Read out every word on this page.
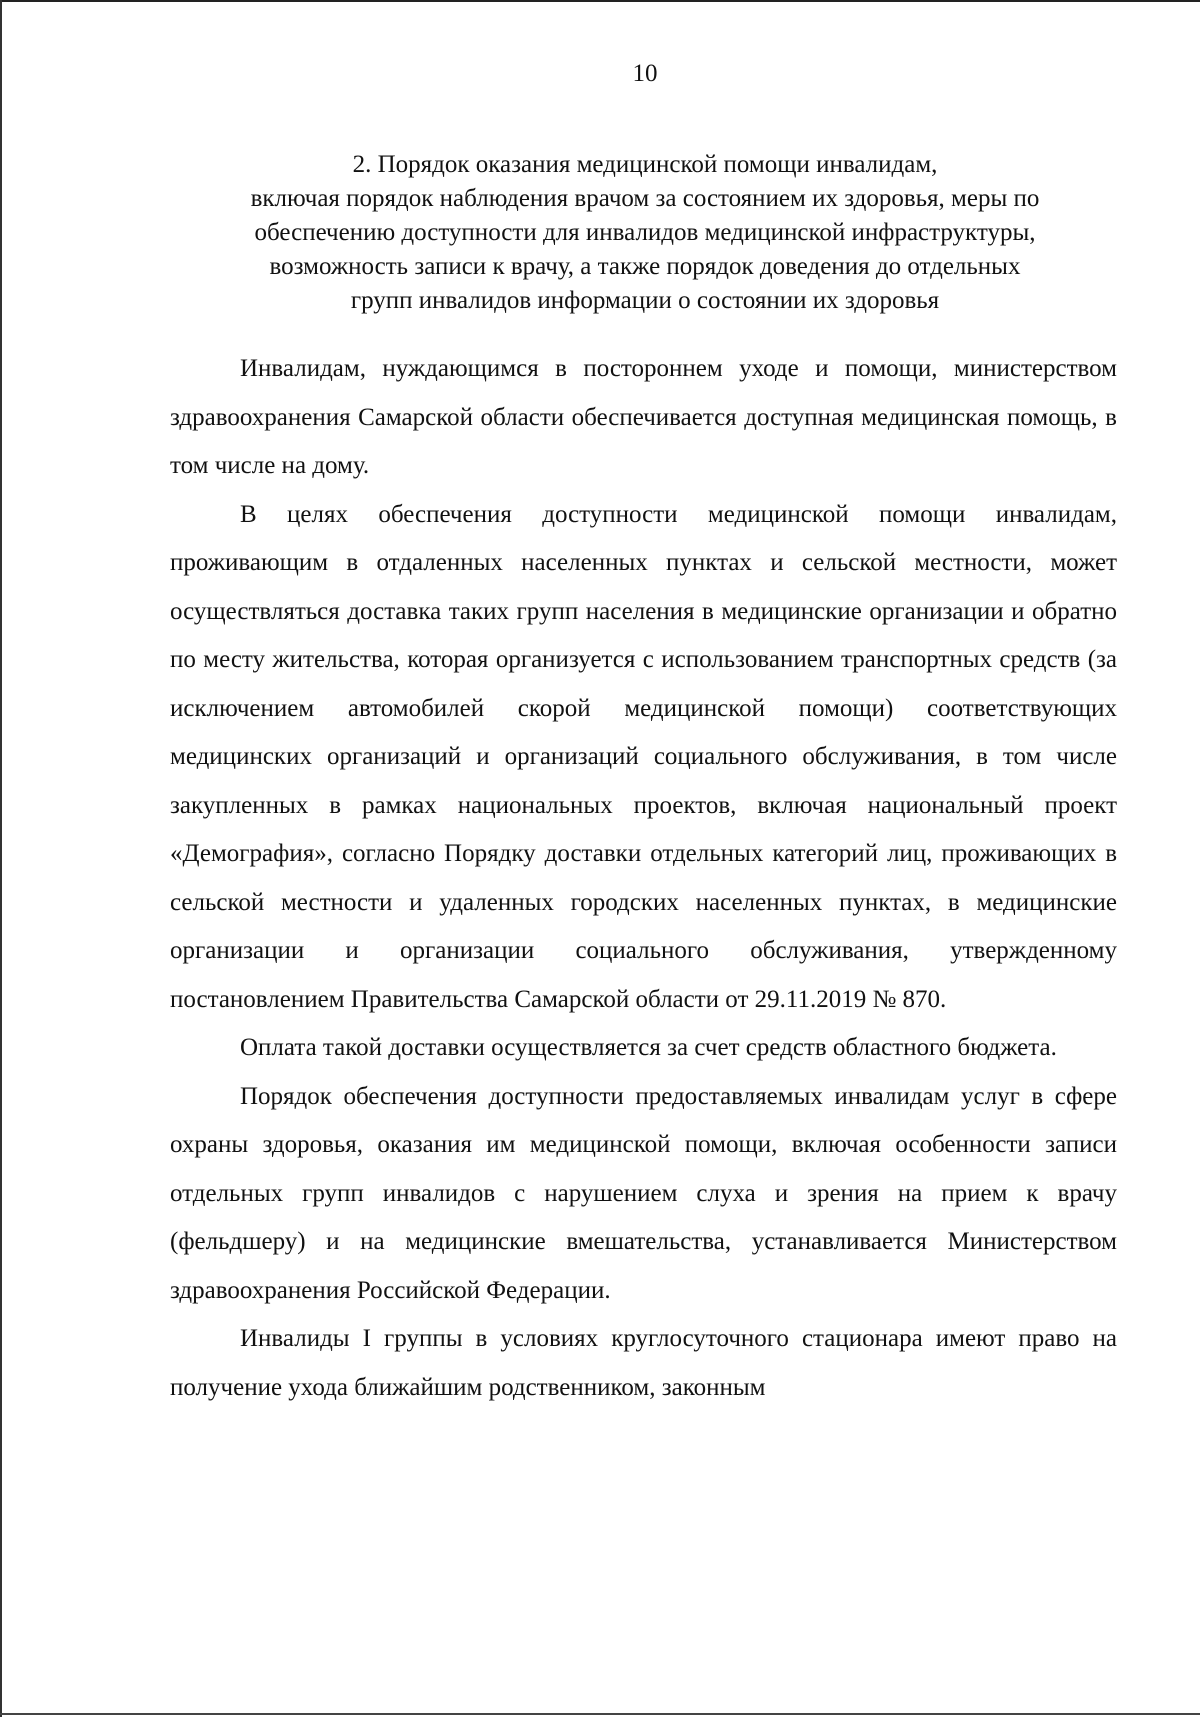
10
2. Порядок оказания медицинской помощи инвалидам,
включая порядок наблюдения врачом за состоянием их здоровья, меры по
обеспечению доступности для инвалидов медицинской инфраструктуры,
возможность записи к врачу, а также порядок доведения до отдельных
групп инвалидов информации о состоянии их здоровья

Инвалидам, нуждающимся в постороннем уходе и помощи, министерством здравоохранения Самарской области обеспечивается доступная медицинская помощь, в том числе на дому.

В целях обеспечения доступности медицинской помощи инвалидам, проживающим в отдаленных населенных пунктах и сельской местности, может осуществляться доставка таких групп населения в медицинские организации и обратно по месту жительства, которая организуется с использованием транспортных средств (за исключением автомобилей скорой медицинской помощи) соответствующих медицинских организаций и организаций социального обслуживания, в том числе закупленных в рамках национальных проектов, включая национальный проект «Демография», согласно Порядку доставки отдельных категорий лиц, проживающих в сельской местности и удаленных городских населенных пунктах, в медицинские организации и организации социального обслуживания, утвержденному постановлением Правительства Самарской области от 29.11.2019 № 870.

Оплата такой доставки осуществляется за счет средств областного бюджета.

Порядок обеспечения доступности предоставляемых инвалидам услуг в сфере охраны здоровья, оказания им медицинской помощи, включая особенности записи отдельных групп инвалидов с нарушением слуха и зрения на прием к врачу (фельдшеру) и на медицинские вмешательства, устанавливается Министерством здравоохранения Российской Федерации.

Инвалиды I группы в условиях круглосуточного стационара имеют право на получение ухода ближайшим родственником, законным
